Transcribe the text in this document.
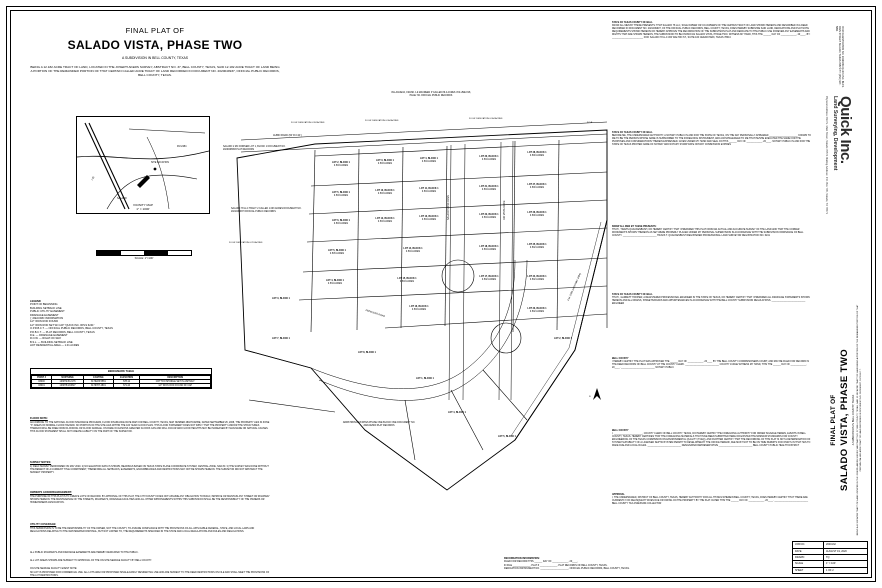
FINAL PLAT OF
SALADO VISTA, PHASE TWO
A SUBDIVISION IN BELL COUNTY, TEXAS
BEING A 12.182 ACRE TRACT OF LAND, LOCATED IN THE JOSEPH AKERS SURVEY, ABSTRACT NO. 37, BELL COUNTY, TEXAS, SAID 12.182 ACRE TRACT OF LAND BEING A PORTION OF THE REMAINDER PORTION OF THAT CERTAIN CALLED ACRE TRACT OF LAND RECORDED IN DOCUMENT NO. 2020049937, OFFICIAL PUBLIC RECORDS, BELL COUNTY, TEXAS.
SITE LOCATION
I-35
FM 2484
SALADO
VICINITY MAP
1" = 1000'
SCALE: 1"=100'
LEGEND
POINT OF BEGINNING
BUILDING SETBACK LINE
PUBLIC UTILITY EASEMENT
DRAINAGE EASEMENT
( ) RECORD INFORMATION
1/2" IRON ROD FOUND
1/2" IRON ROD SET W/ CAP "QUICK INC. RPLS 6241"
O.P.R.B.C.T. — OFFICIAL PUBLIC RECORDS, BELL COUNTY, TEXAS
P.R.B.C.T. — PLAT RECORDS, BELL COUNTY, TEXAS
D.E. — DRAINAGE EASEMENT
R.O.W. — RIGHT-OF-WAY
B.S.L. — BUILDING SETBACK LINE
HOT RESIDENTIAL AREA — 1.01 ACRES
BENCHMARK TABLE
POINT #	NORTHING	EASTING	ELEVATION	DESCRIPTION
#3000	10387245.2176	3179226.5581	678.12	COTTON SPINDLE SET IN ASPHALT
#3001	10387543.8827	3179787.4801	671.44	1/2" IRON ROD FOUND W/ CAP
FLOOD NOTE:
ACCORDING TO THE NATIONAL FLOOD INSURANCE PROGRAM, FLOOD INSURANCE RATE MAP FOR BELL COUNTY, TEXAS, MAP NUMBER 48027C0265E, DATED SEPTEMBER 26, 2008, THE PROPERTY LIES IN ZONE "X" AREAS OF MINIMAL FLOOD HAZARD. NO PORTION OF THE SITE LIES WITHIN THE 100 YEAR FLOOD PLAIN. THIS FLOOD STATEMENT DOES NOT IMPLY THAT THE PROPERTY AND/OR THE STRUCTURES THEREON WILL BE FREE FROM FLOODING OR FLOOD DAMAGE. ON RARE OCCASIONS GREATER FLOODS CAN AND WILL OCCUR AND FLOOD HEIGHTS MAY BE INCREASED BY MAN-MADE OR NATURAL CAUSES. THIS FLOOD STATEMENT SHALL NOT CREATE LIABILITY ON THE PART OF THE SURVEYOR.
SURVEY NOTES:
1) FIELD SURVEY PERFORMED ON MAY 2020. 2) NO ELEVATION DATA IS SHOWN, BEARINGS BASED ON TEXAS STATE PLANE COORDINATE SYSTEM, CENTRAL ZONE, NAD 83. 3) THE SURVEY WAS DONE WITHOUT THE BENEFIT OF A CURRENT TITLE COMMITMENT, THEREFORE ALL SETBACKS, EASEMENTS, ENCUMBRANCES AND RESTRICTIONS MAY NOT BE SHOWN HEREON. THE SURVEYOR DID NOT ABSTRACT THE SUBJECT PROPERTY.
OWNER'S ACKNOWLEDGEMENT:
THE PURPOSE OF THIS PLAT IS TO CREATE LOTS OF RECORD. BY APPROVAL OF THIS PLAT, THE CITY/COUNTY DOES NOT ASSUME ANY OBLIGATION TO BUILD, IMPROVE OR MAINTAIN ANY STREET OR ROADWAY SHOWN HEREON. THE MAINTENANCE OF THE STREETS, ROADWAYS, DRAINAGE FACILITIES AND ALL OTHER IMPROVEMENTS WITHIN THIS SUBDIVISION SHALL BE THE RESPONSIBILITY OF THE OWNERS OR HOMEOWNERS ASSOCIATION.
UTILITY COVERAGE:
THIS SUBDIVISION IS TO BE THE RESPONSIBILITY OF THE OWNER, NOT THE COUNTY, TO ASSURE COMPLIANCE WITH THE PROVISIONS OF ALL APPLICABLE FEDERAL, STATE, AND LOCAL LAWS AND REGULATIONS RELATING TO THE WASTEWATER DISPOSAL, BUT NOT LIMITED TO, THE REQUIREMENTS SPECIFIED IN THE STATE AND LOCAL REGULATIONS AND RULES AND REGULATIONS.
ALL PUBLIC ROADWAYS AND DRAINAGE EASEMENTS ARE HEREBY DEDICATED TO THE PUBLIC.
ALL LOT AREAS SHOWN ARE SUBJECT TO APPROVAL OF THE ON-SITE SEWAGE FACILITY BY BELL COUNTY.
ON-SITE SEWAGE FACILITY EVENT NOTE:
NO LOT IS PROPOSED FOR COMMERCIAL USE. ALL LOTS ARE FOR PROPOSED SINGLE-FAMILY RESIDENTIAL USE AND ARE SUBJECT TO THE DEED RESTRICTIONS ON FILE AND SHALL MEET THE PROVISIONS OF THE LOT RESTRICTIONS.
LOT 2, BLOCK 1
0.503 ACRES
LOT 3, BLOCK 1
0.503 ACRES
LOT 4, BLOCK 1
0.504 ACRES
LOT 20, BLOCK 1
0.504 ACRES
LOT 28, BLOCK 1
0.500 ACRES
LOT 5, BLOCK 1
0.503 ACRES
LOT 10, BLOCK 1
0.503 ACRES
LOT 11, BLOCK 1
0.504 ACRES
LOT 21, BLOCK 1
0.504 ACRES
LOT 27, BLOCK 1
0.500 ACRES
LOT 6, BLOCK 1
0.503 ACRES
LOT 12, BLOCK 1
0.503 ACRES
LOT 13, BLOCK 1
0.504 ACRES
LOT 22, BLOCK 1
0.504 ACRES
LOT 26, BLOCK 1
0.500 ACRES
LOT 5, BLOCK 1
0.545 ACRES
LOT 14, BLOCK 1
0.504 ACRES
LOT 18, BLOCK 1
0.504 ACRES
LOT 25, BLOCK 1
0.502 ACRES
LOT 4, BLOCK 1
0.534 ACRES
LOT 15, BLOCK 1
0.503 ACRES
LOT 17, BLOCK 1
0.502 ACRES
LOT 24, BLOCK 1
0.502 ACRES
LOT 3, BLOCK 1
LOT 16, BLOCK 1
0.503 ACRES	LOT 23, BLOCK 1
0.502 ACRES
LOT 7, BLOCK 1
LOT 8, BLOCK 1
LOT 2, BLOCK 1
LOT 1, BLOCK 1
LOT 4, BLOCK 1
LOT 5, BLOCK 1
VILLANUEVA, FRANK J & MAUREEN P CALLED 89.4 ACRES VOLUME 818, PAGE 741 OFFICIAL PUBLIC RECORDS
SALADO 2 MC DORNER LOT 1, BLOCK 1 DOCUMENT NO. 2020038083 PLAT RECORDS
SALADO 78 LLC TRACT 2 CALLED 1.003 ACRES DOCUMENT NO. 2021049937 OFFICIAL PUBLIC RECORDS
ARMSTRONG ESTATES PHASE ONE BLOCK ONE DOCUMENT NO. 2021042900 PLAT RECORDS
AUBIN ROAD (60' R.O.W.)
SALADO VISTA DRIVE	RIO VISTA DRIVE
PEDDLERS ROAD
F.M. 2484 (HIGHWAY 2484)
R.O.W. DEDICATION 0.324 ACRES
R.O.W. DEDICATION 0.304 ACRES
R.O.W. DEDICATION 0.304 ACRES
R.O.W. DEDICATION 0.213 ACRES
P.O.B.
N
STATE OF TEXAS COUNTY OF BELL
KNOW ALL MEN BY THESE PRESENTS: THAT SALADO 78 LLC, SOLE OWNER OR CO-OWNERS OF THE CERTAIN TRACT OF LAND SHOWN HEREON AND DESCRIBED IN A DEED RECORDED IN DOCUMENT NO. 2021049937, OF THE OFFICIAL PUBLIC RECORDS, BELL COUNTY, TEXAS, DOES HEREBY SUBDIVIDE SAID LAND, DEDICATIONS AND PLAT NOTE REQUIREMENTS SHOWN HEREON DO HEREBY APPROVE THE RECORDATION OF THE SUBDIVISION PLAT AND DEDICATE TO THE PUBLIC USE FOREVER ANY EASEMENTS AND RIGHTS THAT ARE SHOWN HEREON, THE SUBDIVISION TO BE KNOWN AS SALADO VISTA, PHASE TWO. WITNESS MY HAND, THIS THE ______ DAY OF ____________, 20____. BY: ________________________ FOR: SALADO 78 LLC 300 WALTON ST., SUITE 100 CEDAR PARK, TEXAS 78613
STATE OF TEXAS COUNTY OF BELL
BEFORE ME, THE UNDERSIGNED AUTHORITY, A NOTARY PUBLIC IN AND FOR THE STATE OF TEXAS, ON THE DAY PERSONALLY APPEARED ______________________ KNOWN TO ME TO BE THE PERSON WHOSE NAME IS SUBSCRIBED TO THE FOREGOING INSTRUMENT, AND ACKNOWLEDGED TO ME THAT HE/SHE EXECUTED THE SAME FOR THE PURPOSES AND CONSIDERATIONS THEREIN EXPRESSED. GIVEN UNDER MY HAND AND SEAL ON THIS ______ DAY OF ____________, 20____. NOTARY PUBLIC IN AND FOR THE STATE OF TEXAS PRINTED NAME OF NOTARY AND NOTARY STAMP DATE NOTARY COMMISSION EXPIRES
KNOW ALL MEN BY THESE PRESENTS:
THAT I, TRAVIS QUACKENBUSH, DO HEREBY CERTIFY THAT I PREPARED THIS PLAT FROM AN ACTUAL AND ACCURATE SURVEY OF THE LAND AND THAT THE CORNER MONUMENTS SHOWN THEREON AS SET WERE PROPERLY PLACED UNDER MY PERSONAL SUPERVISION IN ACCORDANCE WITH THE SUBDIVISION ORDINANCE OF BELL COUNTY. __________________________ TRAVIS T. QUACKENBUSH REGISTERED PROFESSIONAL LAND SURVEYOR REGISTRATION NO. 6241
STATE OF TEXAS COUNTY OF BELL
THAT I, GARRETT HOOPER, A REGISTERED PROFESSIONAL ENGINEER IN THE STATE OF TEXAS, DO HEREBY CERTIFY THAT I PREPARED ALL DRAINAGE STATEMENTS SHOWN HEREON AND ALL DRAINS, STREETS/ROADS AND APPURTENANCES IN ACCORDANCE WITH THE BELL COUNTY SUBDIVISION REGULATIONS. __________________________ ENGINEER
BELL COUNTY
I HEREBY CERTIFY THE PLAT WAS APPROVED THE ______ DAY OF ____________, 20____ BY THE BELL COUNTY COMMISSIONERS COURT, AND MAY BE FILED FOR RECORD IN THE DEED RECORDS OF BELL COUNTY AT THE COUNTY CLERK. __________________________ COUNTY JUDGE WITNESS MY HAND, THIS THE ______ DAY OF ____________, 20____. __________________________ NOTARY PUBLIC
BELL COUNTY
I, ______________________, COUNTY CLERK OF BELL COUNTY, TEXAS, DO HEREBY CERTIFY THE FOREGOING AUTHORITY FOR ORDER SIGNAGE HEREIN, EVENTS IN BELL COUNTY, TEXAS. HEREBY CERTIFIES THAT THE FOREGOING MATERIALS THAT HAVE BEEN SUBMITTED HERE OR EXISTED THE MINIMUM STANDARDS FOR COUNTY ENGINEERING OF THE TEXAS COMMISSION ON ENVIRONMENTAL QUALITY (TCEQ), AND FURTHER CERTIFY THAT THE RECORDING OF THIS PLAT IS NOT A DETERMINATION OF SYSTEM SUITABILITY OF A LICENSED SEPTIC/SYSTEM PERMIT TO DEVELOPMENT. THE OFFICE HEREOF, FEE MUST NOT TO BE ON TIME PERMITS FOR OSSF'S IN THAT HAS TO MAKE DUE AND LOCAL RULES. __________________________ DESIGNATED REPRESENTATIVE __________________________ BELL COUNTY PUBLIC HEALTH DISTRICT
APPROVAL
I, THE UNDERSIGNED, DISTRICT OF BELL COUNTY, TEXAS, HEREBY AUTHORITY FOR ALL THINGS WHEREIN BELL COUNTY, TEXAS, DOES HEREBY CERTIFY THAT THERE ARE CURRENTLY NO DELINQUENT TAXES DUE OR OWING ON THE PROPERTY BY THE PLAT. DATED THIS THE ______ DAY OF ____________, 20____. __________________________ BELL COUNTY TAX ASSESSOR-COLLECTOR
RECORDATION INFORMATION:
FILED FOR RECORD THIS ______ DAY OF ____________, 20____.
IN FILE _____________, PLAT # _____________, PLAT RECORDS OF BELL COUNTY, TEXAS.
DEDICATION INSTRUMENT NO. _____________________, OFFICIAL PUBLIC RECORDS, BELL COUNTY, TEXAS.
FINAL PLAT OF SALADO VISTA, PHASE TWO A SUBDIVISION IN BELL COUNTY, TEXAS BEING A 12.182 ACRE TRACT OF LAND LOCATED IN THE JOSEPH AKERS SURVEY, ABSTRACT NO. 37, BELL COUNTY, TEXAS, SAID 12.182 ACRE TRACT OF LAND BEING A PORTION OF THE REMAINDER PORTION OF THAT CERTAIN CALLED ACRE TRACT OF LAND RECORDED IN DOCUMENT NO. 2020049937, O.P.R.B.C.T.
Quick Inc.
Land Surveying, Development
Physical Address: 813 N. Main Street, Salado 76571 Mailing Address: P.O. Box 745, Salado, TX 76571
FIRM REGISTRATION NO. 10194233 QUICK INC. 813 N. MAIN STREET SALADO, TEXAS 76571 PH: (254) 947-5851
JOB NO.	2000132
DATE	AUGUST 19, 2020
DRAWN	TQ
SCALE	1" = 100'
SHEET	1 OF 2
